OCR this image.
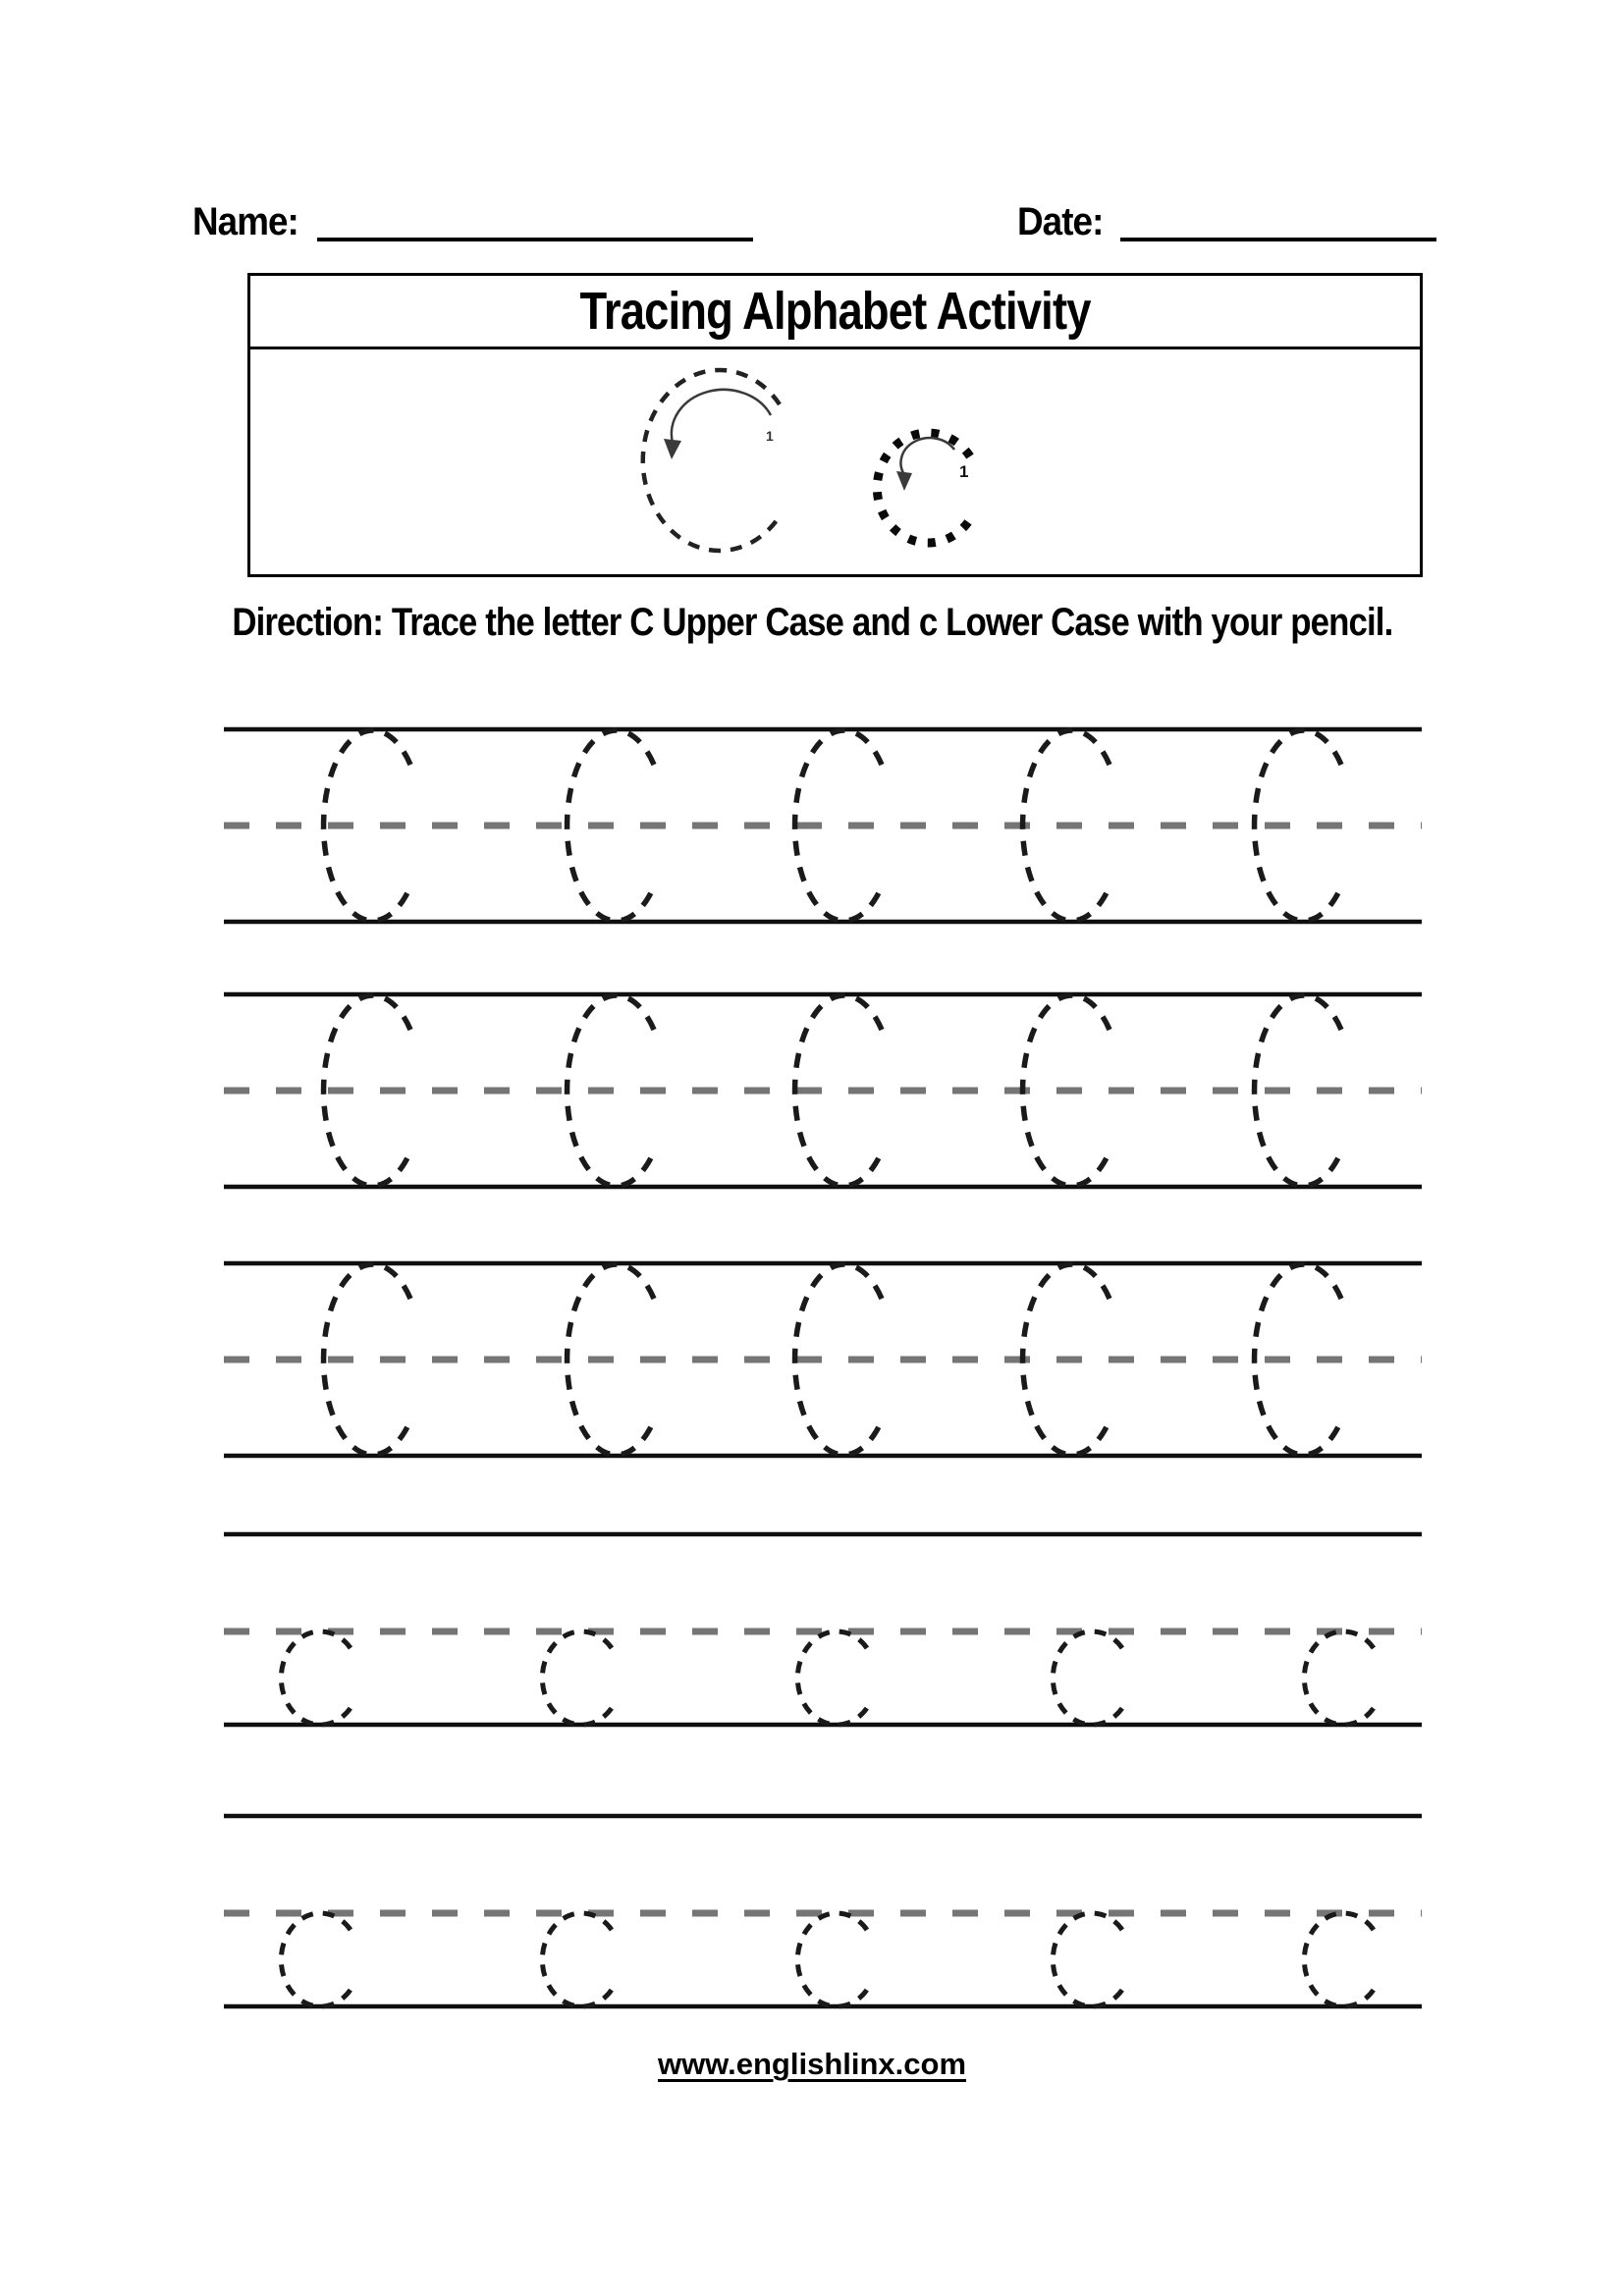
Name:	Date:
Tracing Alphabet Activity
1
1
Direction: Trace the letter C Upper Case and c Lower Case with your pencil.
www.englishlinx.com
